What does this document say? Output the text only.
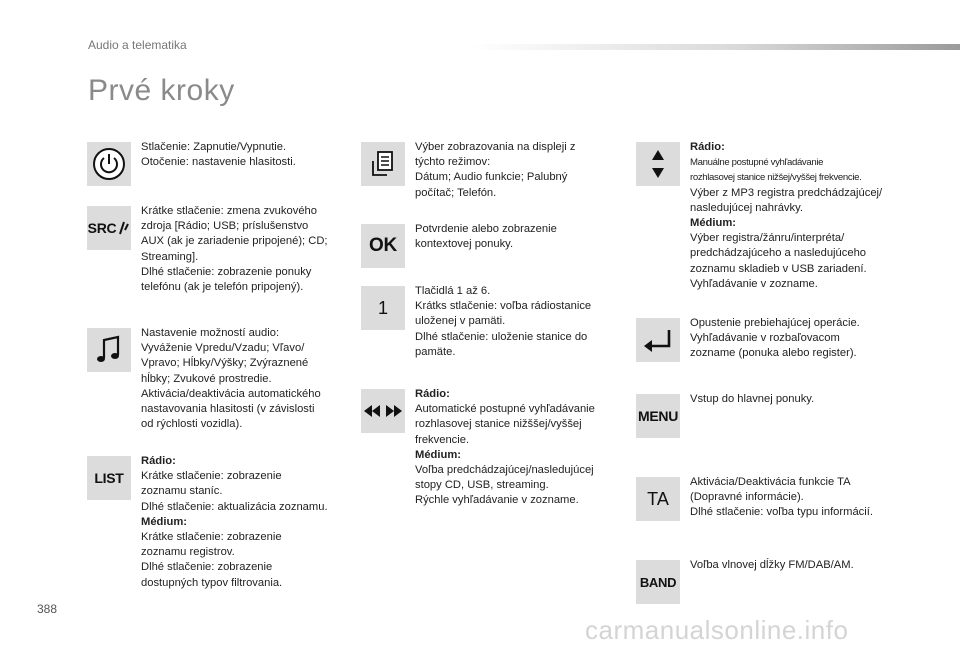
Audio a telematika
Prvé kroky
Stlačenie: Zapnutie/Vypnutie.
Otočenie: nastavenie hlasitosti.
SRC
Krátke stlačenie: zmena zvukového
zdroja [Rádio; USB; príslušenstvo
AUX (ak je zariadenie pripojené); CD;
Streaming].
Dlhé stlačenie: zobrazenie ponuky
telefónu (ak je telefón pripojený).
Nastavenie možností audio:
Vyváženie Vpredu/Vzadu; Vľavo/
Vpravo; Hĺbky/Výšky; Zvýraznené
hĺbky; Zvukové prostredie.
Aktivácia/deaktivácia automatického
nastavovania hlasitosti (v závislosti
od rýchlosti vozidla).
LIST
Rádio:
Krátke stlačenie: zobrazenie
zoznamu staníc.
Dlhé stlačenie: aktualizácia zoznamu.
Médium:
Krátke stlačenie: zobrazenie
zoznamu registrov.
Dlhé stlačenie: zobrazenie
dostupných typov filtrovania.
Výber zobrazovania na displeji z
týchto režimov:
Dátum; Audio funkcie; Palubný
počítač; Telefón.
OK
Potvrdenie alebo zobrazenie
kontextovej ponuky.
1
Tlačidlá 1 až 6.
Krátks stlačenie: voľba rádiostanice
uloženej v pamäti.
Dlhé stlačenie: uloženie stanice do
pamäte.
Rádio:
Automatické postupné vyhľadávanie
rozhlasovej stanice nižššej/vyššej
frekvencie.
Médium:
Voľba predchádzajúcej/nasledujúcej
stopy CD, USB, streaming.
Rýchle vyhľadávanie v zozname.
Rádio:
Manuálne postupné vyhľadávanie
rozhlasovej stanice nižšej/vyššej frekvencie.
Výber z MP3 registra predchádzajúcej/
nasledujúcej nahrávky.
Médium:
Výber registra/žánru/interpréta/
predchádzajúceho a nasledujúceho
zoznamu skladieb v USB zariadení.
Vyhľadávanie v zozname.
Opustenie prebiehajúcej operácie.
Vyhľadávanie v rozbaľovacom
zozname (ponuka alebo register).
MENU
Vstup do hlavnej ponuky.
TA
Aktivácia/Deaktivácia funkcie TA
(Dopravné informácie).
Dlhé stlačenie: voľba typu informácií.
BAND
Voľba vlnovej dĺžky FM/DAB/AM.
388
carmanualsonline.info
